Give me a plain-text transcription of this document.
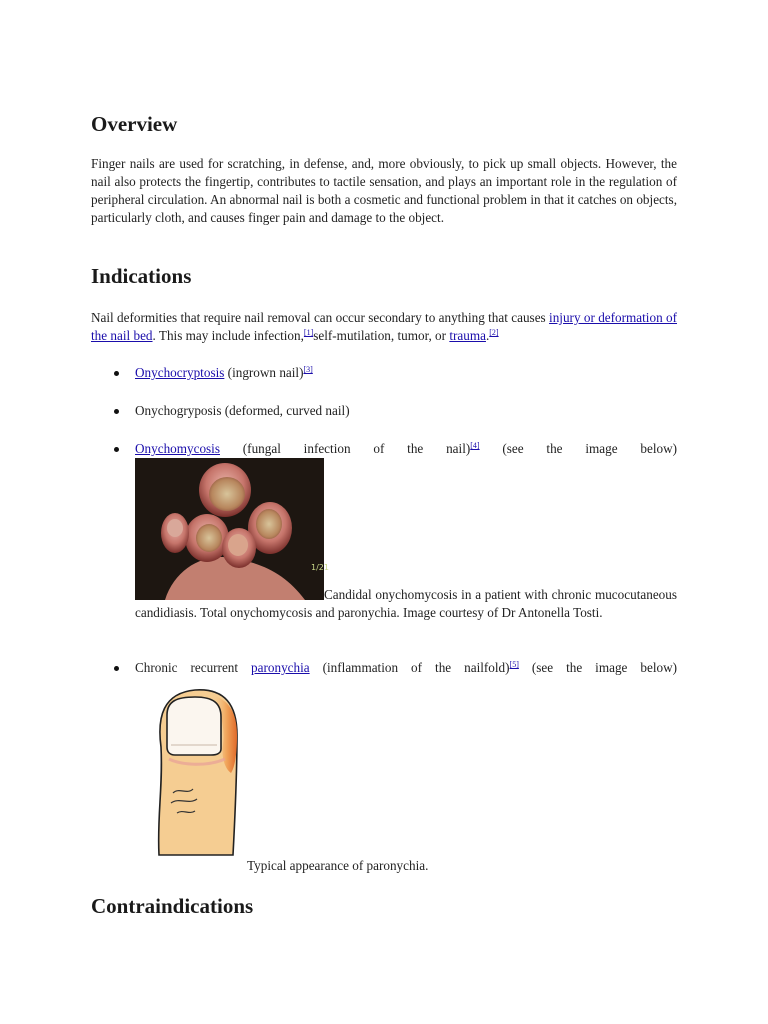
Overview

Finger nails are used for scratching, in defense, and, more obviously, to pick up small objects. However, the nail also protects the fingertip, contributes to tactile sensation, and plays an important role in the regulation of peripheral circulation. An abnormal nail is both a cosmetic and functional problem in that it catches on objects, particularly cloth, and causes finger pain and damage to the object.

Indications

Nail deformities that require nail removal can occur secondary to anything that causes injury or deformation of the nail bed. This may include infection,[1]self-mutilation, tumor, or trauma.[2]

Onychocryptosis (ingrown nail)[3]
Onychogryposis (deformed, curved nail)
Onychomycosis (fungal infection of the nail)[4] (see the image below)
1/21
Candidal onychomycosis in a patient with chronic mucocutaneous candidiasis. Total onychomycosis and paronychia. Image courtesy of Dr Antonella Tosti.
Chronic recurrent paronychia (inflammation of the nailfold)[5] (see the image below)
Typical appearance of paronychia.
Contraindications
